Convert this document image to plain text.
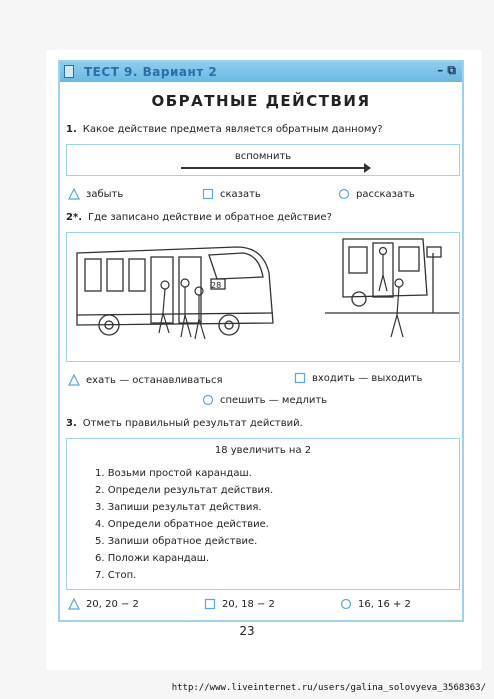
ТЕСТ 9. Вариант 2	– ⧉
ОБРАТНЫЕ ДЕЙСТВИЯ
1. Какое действие предмета является обратным данному?
вспомнить
забыть	сказать	рассказать
2*. Где записано действие и обратное действие?
28
ехать — останавливаться	входить — выходить
спешить — медлить
3. Отметь правильный результат действий.
18 увеличить на 2
1. Возьми простой карандаш.
2. Определи результат действия.
3. Запиши результат действия.
4. Определи обратное действие.
5. Запиши обратное действие.
6. Положи карандаш.
7. Стоп.
20, 20 − 2	20, 18 − 2	16, 16 + 2
23
http://www.liveinternet.ru/users/galina_solovyeva_3568363/
